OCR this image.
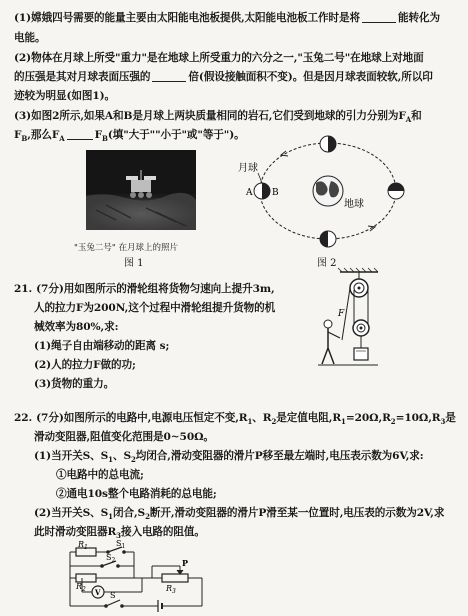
(1)嫦娥四号需要的能量主要由太阳能电池板提供,太阳能电池板工作时是将	能转化为
电能。
(2)物体在月球上所受"重力"是在地球上所受重力的六分之一,"玉兔二号"在地球上对地面
的压强是其对月球表面压强的	倍(假设接触面积不变)。但是因月球表面较软,所以印
迹较为明显(如图1)。
(3)如图2所示,如果A和B是月球上两块质量相同的岩石,它们受到地球的引力分别为$F_A$和
$F_B$,那么$F_A$	$F_B$(填"大于""小于"或"等于")。
"玉兔二号" 在月球上的照片
图 1
月球
A B
地球
图 2
21. (7分)用如图所示的滑轮组将货物匀速向上提升3m,
人的拉力F为200N,这个过程中滑轮组提升货物的机
械效率为80%,求:
(1)绳子自由端移动的距离 s;
(2)人的拉力F做的功;
(3)货物的重力。
F
22. (7分)如图所示的电路中,电源电压恒定不变$,R_1$、$R_2$是定值电阻$,R_1=20\Omega,R_2=10\Omega,R_3$是
滑动变阻器,阻值变化范围是0~50Ω。
(1)当开关S、$S_1$、$S_2$均闭合,滑动变阻器的滑片P移至最左端时,电压表示数为6V,求:
①电路中的总电流;
②通电10s整个电路消耗的总电能;
(2)当开关S、$S_1$闭合$,S_2$断开,滑动变阻器的滑片P滑至某一位置时,电压表的示数为2V,求
此时滑动变阻器$R_3$接入电路的阻值。
$R_1$	$S_1$
$S_2$	P
$R_2$	$R_3$
V S
